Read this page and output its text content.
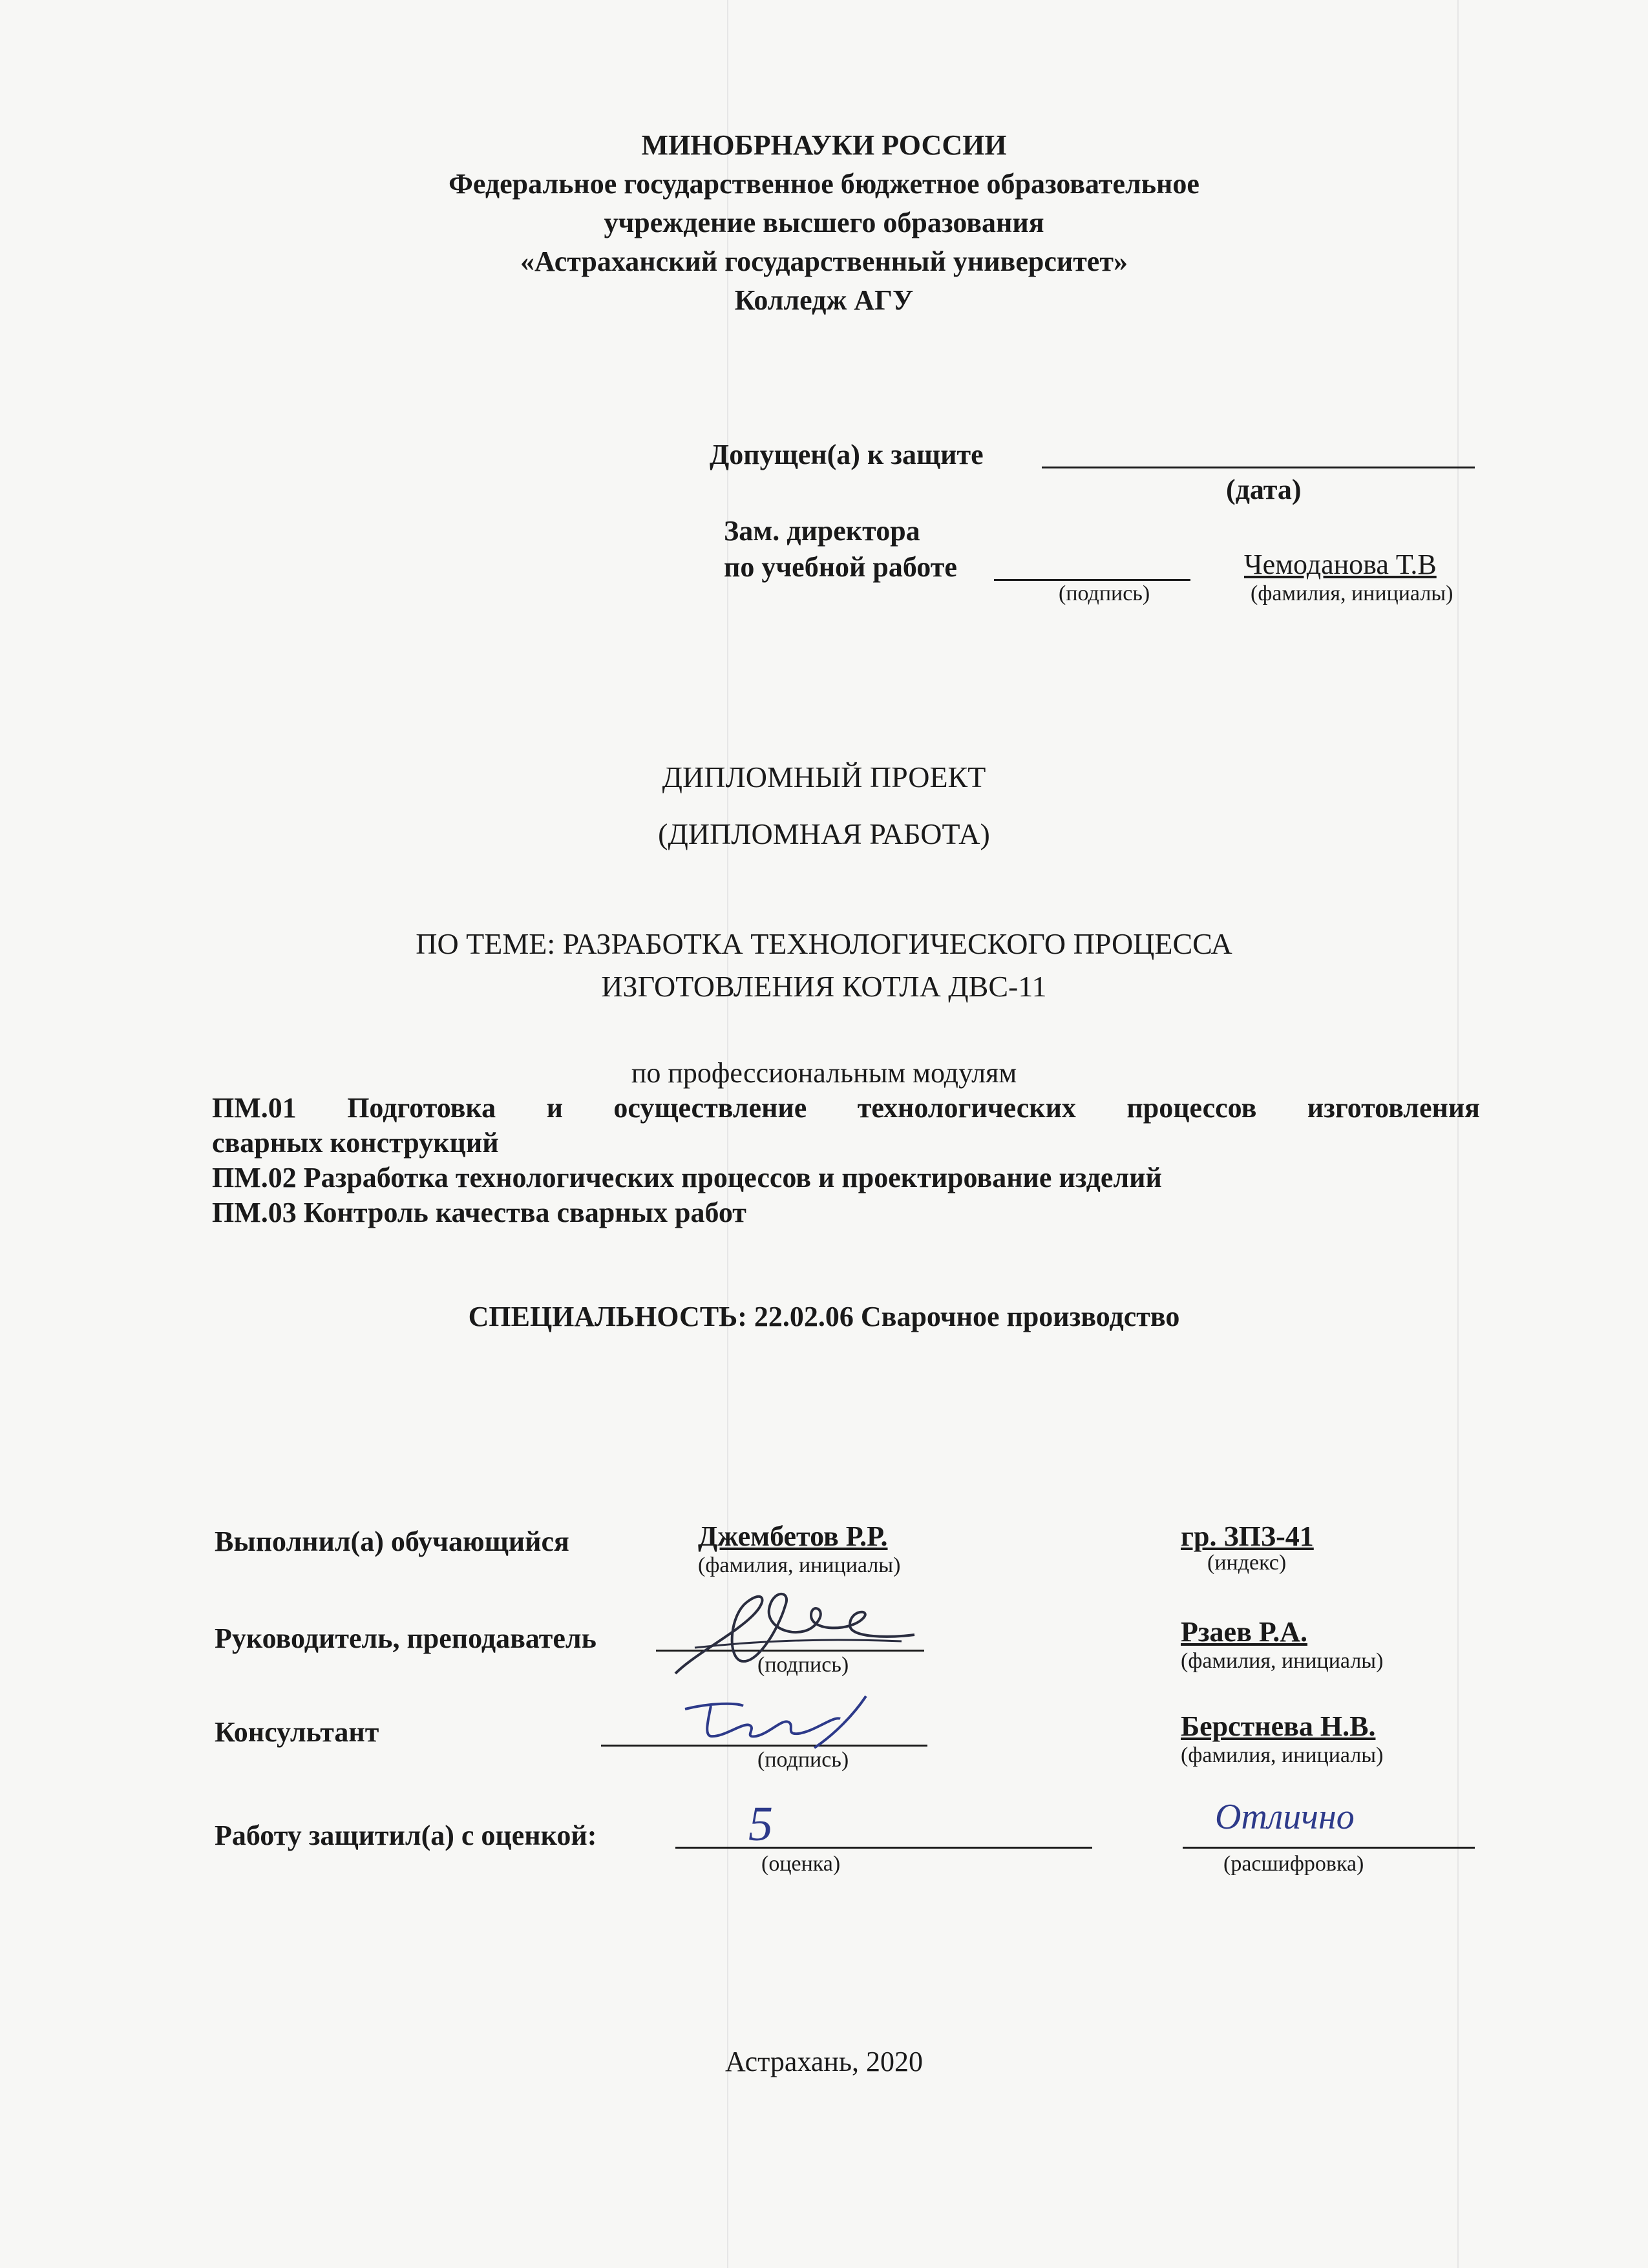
МИНОБРНАУКИ РОССИИ
Федеральное государственное бюджетное образовательное
учреждение высшего образования
«Астраханский государственный университет»
Колледж АГУ
Допущен(а) к защите
(дата)
Зам. директора
по учебной работе
(подпись)
Чемоданова Т.В
(фамилия, инициалы)
ДИПЛОМНЫЙ ПРОЕКТ
(ДИПЛОМНАЯ РАБОТА)
ПО ТЕМЕ: РАЗРАБОТКА ТЕХНОЛОГИЧЕСКОГО ПРОЦЕССА
ИЗГОТОВЛЕНИЯ КОТЛА ДВС-11
по профессиональным модулям
ПМ.01 Подготовка и осуществление технологических процессов изготовления
сварных конструкций
ПМ.02 Разработка технологических процессов и проектирование изделий
ПМ.03 Контроль качества сварных работ
СПЕЦИАЛЬНОСТЬ: 22.02.06 Сварочное производство
Выполнил(а) обучающийся	Джембетов Р.Р.
(фамилия, инициалы)
гр. ЗПЗ-41
(индекс)
Руководитель, преподаватель
(подпись)
Рзаев Р.А.
(фамилия, инициалы)
Консультант
(подпись)
Берстнева Н.В.
(фамилия, инициалы)
Работу защитил(а) с оценкой:	5
(оценка)
Отлично
(расшифровка)
Астрахань, 2020
